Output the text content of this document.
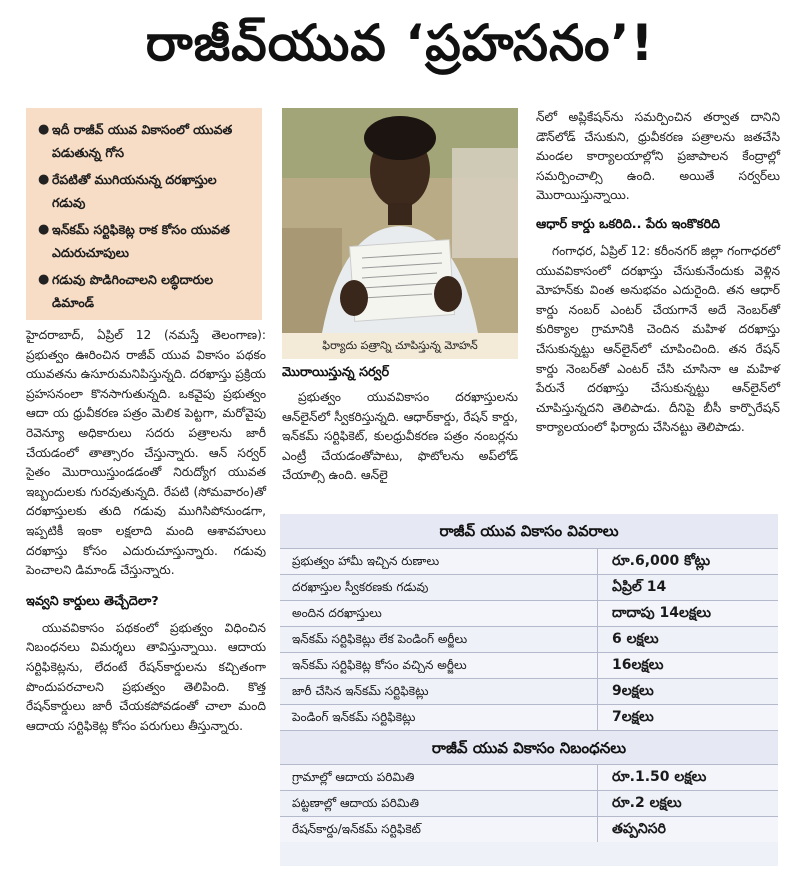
రాజీవ్‌యువ ‘ప్రహసనం’!
● ఇదీ రాజీవ్‌ యువ వికాసంలో యువత పడుతున్న గోస
● రేపటితో ముగియనున్న దరఖాస్తుల గడువు
● ఇన్‌కమ్‌ సర్టిఫికెట్ల రాక కోసం యువత ఎదురుచూపులు
● గడువు పొడిగించాలని లబ్ధిదారుల డిమాండ్‌
ఫిర్యాదు పత్రాన్ని చూపిస్తున్న మోహన్‌

హైదరాబాద్‌, ఏప్రిల్‌ 12 (నమస్తే తెలంగాణ): ప్రభుత్వం ఊరించిన రాజీవ్‌ యువ వికాసం పథకం యువతను ఉసూరుమనిపిస్తున్నది. దరఖాస్తు ప్రక్రియ ప్రహసనంలా కొనసాగుతున్నది. ఒకవైపు ప్రభుత్వం ఆదా య ధ్రువీకరణ పత్రం మెలిక పెట్టగా, మరోవైపు రెవెన్యూ అధికారులు సదరు పత్రాలను జారీ చేయడంలో తాత్సారం చేస్తున్నారు. ఆన్‌ సర్వర్‌ సైతం మొరాయిస్తుండడంతో నిరుద్యోగ యువత ఇబ్బందులకు గురవుతున్నది. రేపటి (సోమవారం)తో దరఖాస్తులకు తుది గడువు ముగిసిపోనుండగా, ఇప్పటికీ ఇంకా లక్షలాది మంది ఆశావహులు దరఖాస్తు కోసం ఎదురుచూస్తున్నారు. గడువు పెంచాలని డిమాండ్‌ చేస్తున్నారు.

ఇవ్వని కార్డులు తెచ్చేదెలా?

యువవికాసం పథకంలో ప్రభుత్వం విధించిన నిబంధనలు విమర్శలు తావిస్తున్నాయి. ఆదాయ సర్టిఫికెట్లను, లేదంటే రేషన్‌కార్డులను కచ్చితంగా పొందుపరచాలని ప్రభుత్వం తెలిపింది. కొత్త రేషన్‌కార్డులు జారీ చేయకపోవడంతో చాలా మంది ఆదాయ సర్టిఫికెట్ల కోసం పరుగులు తీస్తున్నారు.

మొరాయిస్తున్న సర్వర్‌

ప్రభుత్వం యువవికాసం దరఖాస్తులను ఆన్‌లైన్‌లో స్వీకరిస్తున్నది. ఆధార్‌కార్డు, రేషన్‌ కార్డు, ఇన్‌కమ్‌ సర్టిఫికెట్‌, కులధ్రువీకరణ పత్రం నంబర్లను ఎంట్రీ చేయడంతోపాటు, ఫొటోలను అప్‌లోడ్‌ చేయాల్సి ఉంది. ఆన్‌లై

న్‌లో అప్లికేషన్‌ను సమర్పించిన తర్వాత దానిని డౌన్‌లోడ్‌ చేసుకుని, ధ్రువీకరణ పత్రాలను జతచేసి మండల కార్యాలయాల్లోని ప్రజాపాలన కేంద్రాల్లో సమర్పించాల్సి ఉంది. అయితే సర్వర్‌లు మొరాయిస్తున్నాయి.

ఆధార్‌ కార్డు ఒకరిది.. పేరు ఇంకొకరిది

గంగాధర, ఏప్రిల్‌ 12: కరీంనగర్‌ జిల్లా గంగాధరలో యువవికాసంలో దరఖాస్తు చేసుకునేందుకు వెళ్లిన మోహన్‌కు వింత అనుభవం ఎదురైంది. తన ఆధార్‌ కార్డు నంబర్‌ ఎంటర్‌ చేయగానే అదే నెంబర్‌తో కురిక్యాల గ్రామానికి చెందిన మహిళ దరఖాస్తు చేసుకున్నట్టు ఆన్‌లైన్‌లో చూపించింది. తన రేషన్‌ కార్డు నెంబర్‌తో ఎంటర్‌ చేసి చూసినా ఆ మహిళ పేరునే దరఖాస్తు చేసుకున్నట్టు ఆన్‌లైన్‌లో చూపిస్తున్నదని తెలిపాడు. దీనిపై బీసీ కార్పొరేషన్‌ కార్యాలయంలో ఫిర్యాదు చేసినట్టు తెలిపాడు.

రాజీవ్‌ యువ వికాసం వివరాలు
ప్రభుత్వం హామీ ఇచ్చిన రుణాలు	రూ.6,000 కోట్లు
దరఖాస్తుల స్వీకరణకు గడువు	ఏప్రిల్‌ 14
అందిన దరఖాస్తులు	దాదాపు 14లక్షలు
ఇన్‌కమ్‌ సర్టిఫికెట్లు లేక పెండింగ్‌ అర్జీలు	6 లక్షలు
ఇన్‌కమ్‌ సర్టిఫికెట్ల కోసం వచ్చిన అర్జీలు	16లక్షలు
జారీ చేసిన ఇన్‌కమ్‌ సర్టిఫికెట్లు	9లక్షలు
పెండింగ్‌ ఇన్‌కమ్‌ సర్టిఫికెట్లు	7లక్షలు
రాజీవ్‌ యువ వికాసం నిబంధనలు
గ్రామాల్లో ఆదాయ పరిమితి	రూ.1.50 లక్షలు
పట్టణాల్లో ఆదాయ పరిమితి	రూ.2 లక్షలు
రేషన్‌కార్డు/ఇన్‌కమ్‌ సర్టిఫికెట్‌	తప్పనిసరి
